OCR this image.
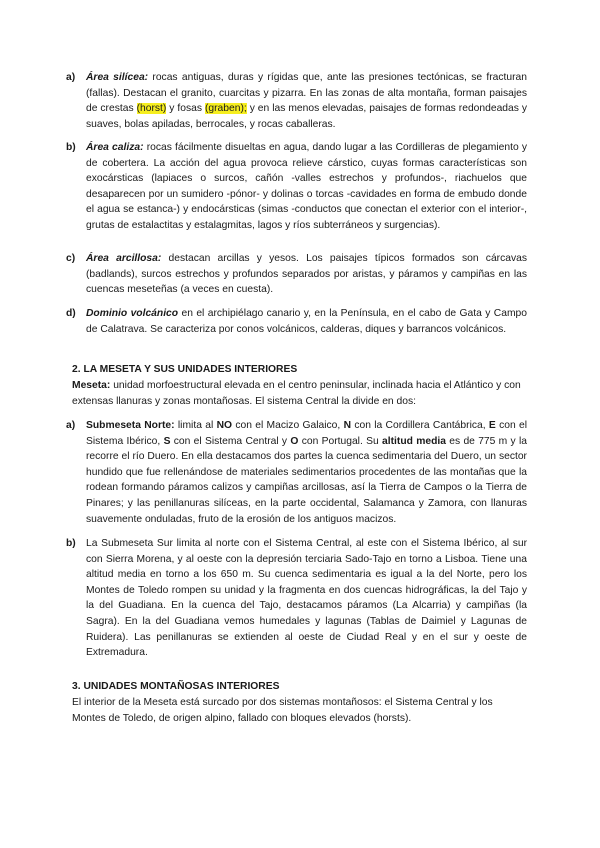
a) Área silícea: rocas antiguas, duras y rígidas que, ante las presiones tectónicas, se fracturan (fallas). Destacan el granito, cuarcitas y pizarra. En las zonas de alta montaña, forman paisajes de crestas (horst) y fosas (graben); y en las menos elevadas, paisajes de formas redondeadas y suaves, bolas apiladas, berrocales, y rocas caballeras.
b) Área caliza: rocas fácilmente disueltas en agua, dando lugar a las Cordilleras de plegamiento y de cobertera. La acción del agua provoca relieve cárstico, cuyas formas características son exocársticas (lapiaces o surcos, cañón -valles estrechos y profundos-, riachuelos que desaparecen por un sumidero -pónor- y dolinas o torcas -cavidades en forma de embudo donde el agua se estanca-) y endocársticas (simas -conductos que conectan el exterior con el interior-, grutas de estalactitas y estalagmitas, lagos y ríos subterráneos y surgencias).
c) Área arcillosa: destacan arcillas y yesos. Los paisajes típicos formados son cárcavas (badlands), surcos estrechos y profundos separados por aristas, y páramos y campiñas en las cuencas meseteñas (a veces en cuesta).
d) Dominio volcánico en el archipiélago canario y, en la Península, en el cabo de Gata y Campo de Calatrava. Se caracteriza por conos volcánicos, calderas, diques y barrancos volcánicos.
2. LA MESETA Y SUS UNIDADES INTERIORES
Meseta: unidad morfoestructural elevada en el centro peninsular, inclinada hacia el Atlántico y con extensas llanuras y zonas montañosas. El sistema Central la divide en dos:
a) Submeseta Norte: limita al NO con el Macizo Galaico, N con la Cordillera Cantábrica, E con el Sistema Ibérico, S con el Sistema Central y O con Portugal. Su altitud media es de 775 m y la recorre el río Duero. En ella destacamos dos partes la cuenca sedimentaria del Duero, un sector hundido que fue rellenándose de materiales sedimentarios procedentes de las montañas que la rodean formando páramos calizos y campiñas arcillosas, así la Tierra de Campos o la Tierra de Pinares; y las penillanuras silíceas, en la parte occidental, Salamanca y Zamora, con llanuras suavemente onduladas, fruto de la erosión de los antiguos macizos.
b) La Submeseta Sur limita al norte con el Sistema Central, al este con el Sistema Ibérico, al sur con Sierra Morena, y al oeste con la depresión terciaria Sado-Tajo en torno a Lisboa. Tiene una altitud media en torno a los 650 m. Su cuenca sedimentaria es igual a la del Norte, pero los Montes de Toledo rompen su unidad y la fragmenta en dos cuencas hidrográficas, la del Tajo y la del Guadiana. En la cuenca del Tajo, destacamos páramos (La Alcarria) y campiñas (la Sagra). En la del Guadiana vemos humedales y lagunas (Tablas de Daimiel y Lagunas de Ruidera). Las penillanuras se extienden al oeste de Ciudad Real y en el sur y oeste de Extremadura.
3. UNIDADES MONTAÑOSAS INTERIORES
El interior de la Meseta está surcado por dos sistemas montañosos: el Sistema Central y los Montes de Toledo, de origen alpino, fallado con bloques elevados (horsts).
